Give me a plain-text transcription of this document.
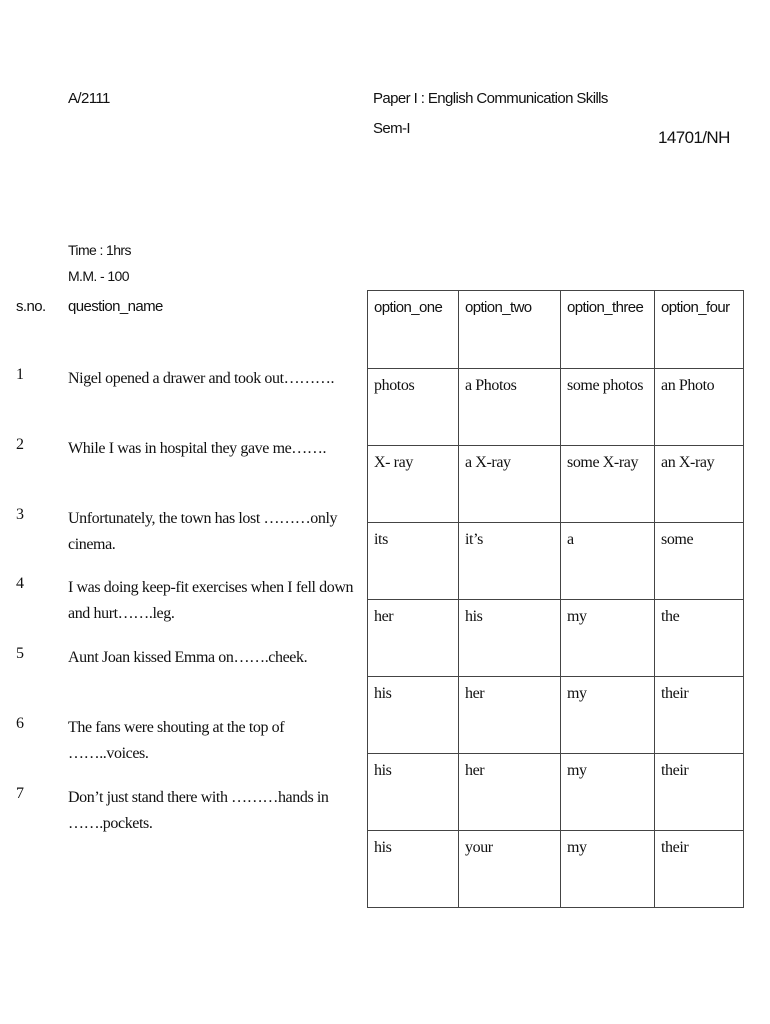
A/2111	Paper I : English Communication Skills
Sem-I	14701/NH
Time : 1hrs
M.M. - 100
s.no. question_name
1	Nigel opened a drawer and took out……….
2	While I was in hospital they gave me…….
3	Unfortunately, the town has lost ………only cinema.
4	I was doing keep-fit exercises when I fell down and hurt…….leg.
5	Aunt Joan kissed Emma on…….cheek.
6	The fans were shouting at the top of ……..voices.
7	Don’t just stand there with ………hands in …….pockets.
option_one	option_two	option_three	option_four
photos	a Photos	some photos	an Photo
X- ray	a X-ray	some X-ray	an X-ray
its	it’s	a	some
her	his	my	the
his	her	my	their
his	her	my	their
his	your	my	their
